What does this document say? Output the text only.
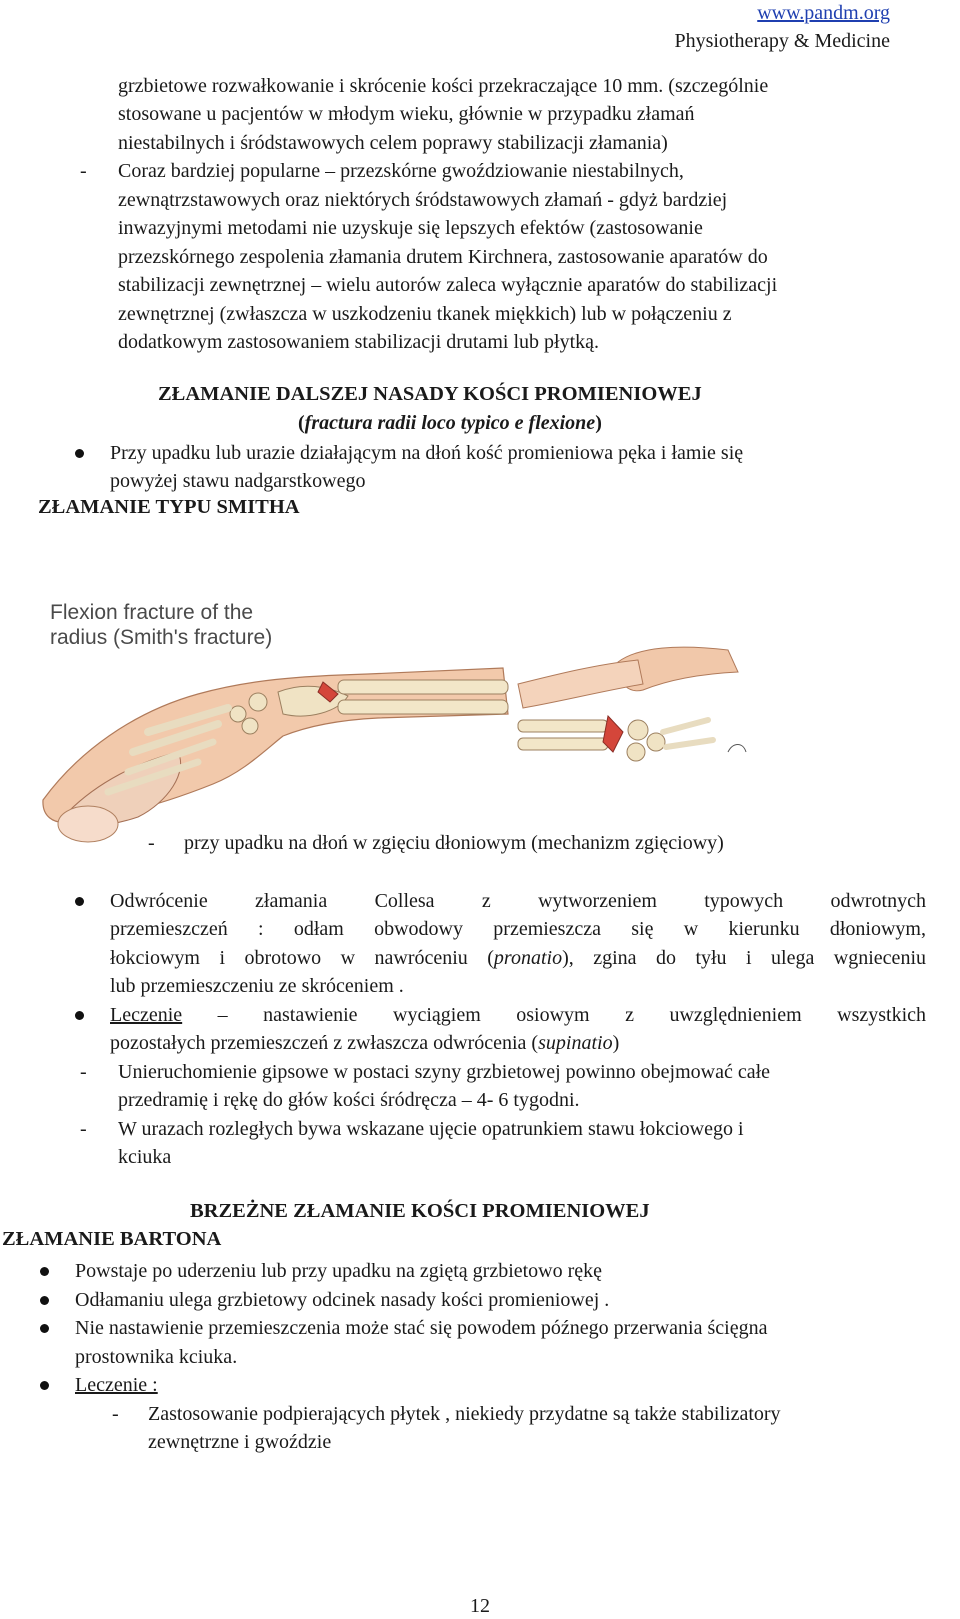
www.pandm.org
Physiotherapy & Medicine
grzbietowe rozwałkowanie i skrócenie kości przekraczające 10 mm. (szczególnie
stosowane u pacjentów w młodym wieku, głównie w przypadku złamań
niestabilnych i śródstawowych celem poprawy stabilizacji złamania)
- Coraz bardziej popularne – przezskórne gwoździowanie niestabilnych,
zewnątrzstawowych oraz niektórych śródstawowych złamań - gdyż bardziej
inwazyjnymi metodami nie uzyskuje się lepszych efektów (zastosowanie
przezskórnego zespolenia złamania drutem Kirchnera, zastosowanie aparatów do
stabilizacji zewnętrznej – wielu autorów zaleca wyłącznie aparatów do stabilizacji
zewnętrznej (zwłaszcza w uszkodzeniu tkanek miękkich) lub w połączeniu z
dodatkowym zastosowaniem stabilizacji drutami lub płytką.
ZŁAMANIE DALSZEJ NASADY KOŚCI PROMIENIOWEJ
(fractura radii loco typico e flexione)
Przy upadku lub urazie działającym na dłoń kość promieniowa pęka i łamie się
powyżej stawu nadgarstkowego
ZŁAMANIE TYPU SMITHA
Flexion fracture of the
radius (Smith's fracture)
- przy upadku na dłoń w zgięciu dłoniowym (mechanizm zgięciowy)
Odwrócenie złamania Collesa z wytworzeniem typowych odwrotnych
przemieszczeń : odłam obwodowy przemieszcza się w kierunku dłoniowym,
łokciowym i obrotowo w nawróceniu (pronatio), zgina do tyłu i ulega wgnieceniu
lub przemieszczeniu ze skróceniem .
Leczenie – nastawienie wyciągiem osiowym z uwzględnieniem wszystkich
pozostałych przemieszczeń z zwłaszcza odwrócenia (supinatio)
- Unieruchomienie gipsowe w postaci szyny grzbietowej powinno obejmować całe
przedramię i rękę do głów kości śródręcza – 4- 6 tygodni.
- W urazach rozległych bywa wskazane ujęcie opatrunkiem stawu łokciowego i
kciuka
BRZEŻNE ZŁAMANIE KOŚCI PROMIENIOWEJ
ZŁAMANIE BARTONA
Powstaje po uderzeniu lub przy upadku na zgiętą grzbietowo rękę
Odłamaniu ulega grzbietowy odcinek nasady kości promieniowej .
Nie nastawienie przemieszczenia może stać się powodem późnego przerwania ścięgna
prostownika kciuka.
Leczenie :
- Zastosowanie podpierających płytek , niekiedy przydatne są także stabilizatory
zewnętrzne i gwoździe
12
